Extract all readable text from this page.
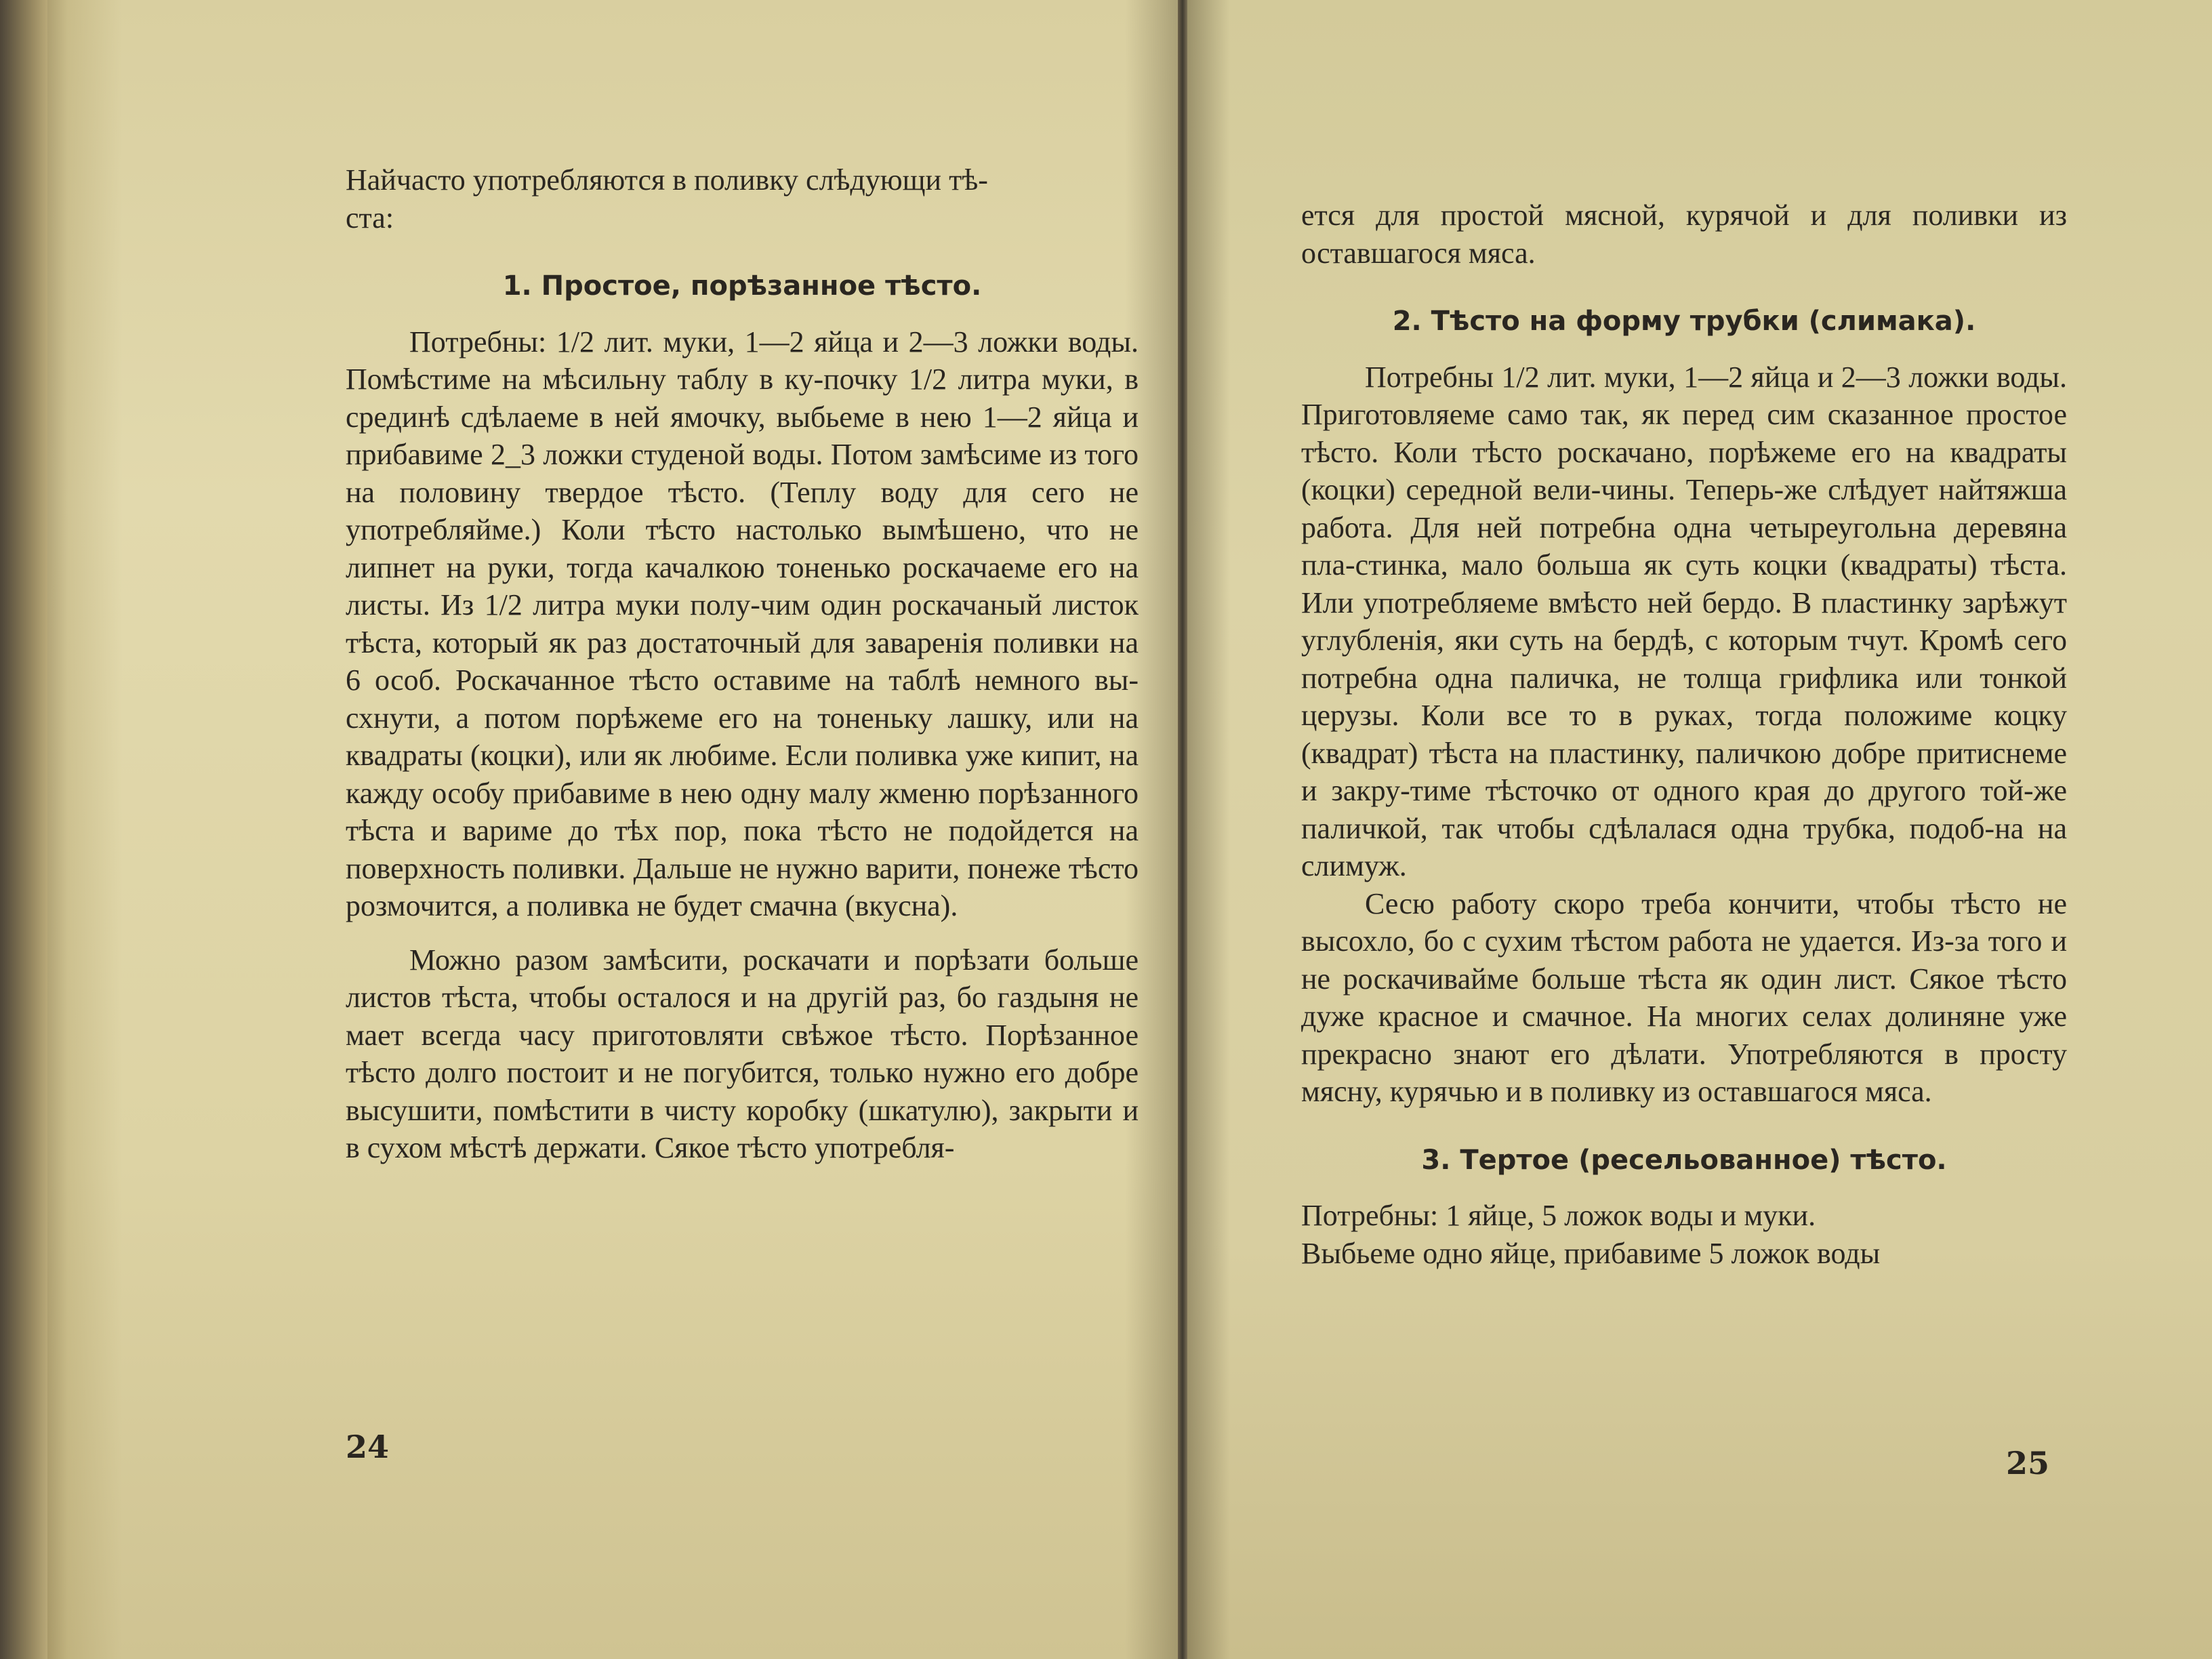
Найчасто употребляются в поливку слѣдующи тѣ-

ста:

1. Простое, порѣзанное тѣсто.

Потребны: 1/2 лит. муки, 1—2 яйца и 2—3 ложки воды. Помѣстиме на мѣсильну таблу в ку-почку 1/2 литра муки, в срединѣ сдѣлаеме в ней ямочку, выбьеме в нею 1—2 яйца и прибавиме 2_3 ложки студеной воды. Потом замѣсиме из того на половину твердое тѣсто. (Теплу воду для сего не употребляйме.) Коли тѣсто настолько вымѣшено, что не липнет на руки, тогда качалкою тоненько роскачаеме его на листы. Из 1/2 литра муки полу-чим один роскачаный листок тѣста, который як раз достаточный для заваренiя поливки на 6 особ. Роскачанное тѣсто оставиме на таблѣ немного вы-схнути, а потом порѣжеме его на тоненьку лашку, или на квадраты (коцки), или як любиме. Если поливка уже кипит, на кажду особу прибавиме в нею одну малу жменю порѣзанного тѣста и вариме до тѣх пор, пока тѣсто не подойдется на поверхность поливки. Дальше не нужно варити, понеже тѣсто розмочится, а поливка не будет смачна (вкусна).

Можно разом замѣсити, роскачати и порѣзати больше листов тѣста, чтобы осталося и на другiй раз, бо газдыня не мает всегда часу приготовляти свѣжое тѣсто. Порѣзанное тѣсто долго постоит и не погубится, только нужно его добре высушити, помѣстити в чисту коробку (шкатулю), закрыти и в сухом мѣстѣ держати. Сякое тѣсто употребля-

24

ется для простой мясной, курячой и для поливки из оставшагося мяса.

2. Тѣсто на форму трубки (слимака).

Потребны 1/2 лит. муки, 1—2 яйца и 2—3 ложки воды. Приготовляеме само так, як перед сим сказанное простое тѣсто. Коли тѣсто роскачано, порѣжеме его на квадраты (коцки) середной вели-чины. Теперь-же слѣдует найтяжша работа. Для ней потребна одна четыреугольна деревяна пла-стинка, мало больша як суть коцки (квадраты) тѣста. Или употребляеме вмѣсто ней бердо. В пластинку зарѣжут углубленiя, яки суть на бердѣ, с которым тчут. Кромѣ сего потребна одна паличка, не толща грифлика или тонкой церузы. Коли все то в руках, тогда положиме коцку (квадрат) тѣста на пластинку, паличкою добре притиснеме и закру-тиме тѣсточко от одного края до другого той-же паличкой, так чтобы сдѣлалася одна трубка, подоб-на на слимуж.

Сесю работу скоро треба кончити, чтобы тѣсто не высохло, бо с сухим тѣстом работа не удается. Из-за того и не роскачивайме больше тѣста як один лист. Сякое тѣсто дуже красное и смачное. На многих селах долиняне уже прекрасно знают его дѣлати. Употребляются в просту мясну, курячью и в поливку из оставшагося мяса.

3. Тертое (ресельованное) тѣсто.

Потребны: 1 яйце, 5 ложок воды и муки.

Выбьеме одно яйце, прибавиме 5 ложок воды

25
